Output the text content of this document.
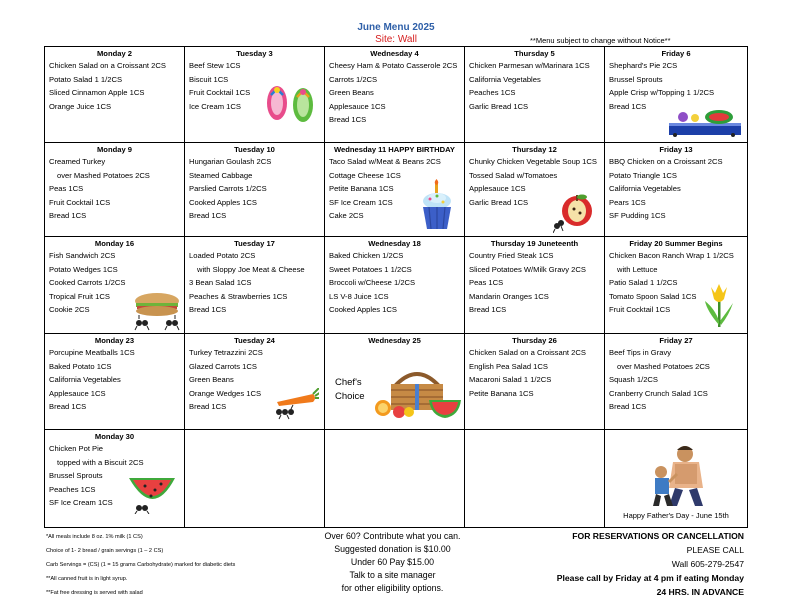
June Menu 2025
Site: Wall	**Menu subject to change without Notice**
Monday 2
Chicken Salad on a Croissant 2CS
Potato Salad 1 1/2CS
Sliced Cinnamon Apple 1CS
Orange Juice 1CS
Tuesday 3
Beef Stew 1CS
Biscuit 1CS
Fruit Cocktail 1CS
Ice Cream 1CS
Wednesday 4
Cheesy Ham & Potato Casserole 2CS
Carrots 1/2CS
Green Beans
Applesauce 1CS
Bread 1CS
Thursday 5
Chicken Parmesan w/Marinara 1CS
California Vegetables
Peaches 1CS
Garlic Bread 1CS
Friday 6
Shephard's Pie 2CS
Brussel Sprouts
Apple Crisp w/Topping 1 1/2CS
Bread 1CS
Monday 9
Creamed Turkey
over Mashed Potatoes 2CS
Peas 1CS
Fruit Cocktail 1CS
Bread 1CS
Tuesday 10
Hungarian Goulash 2CS
Steamed Cabbage
Parslied Carrots 1/2CS
Cooked Apples 1CS
Bread 1CS
Wednesday 11 HAPPY BIRTHDAY
Taco Salad w/Meat & Beans 2CS
Cottage Cheese 1CS
Petite Banana 1CS
SF Ice Cream 1CS
Cake 2CS
Thursday 12
Chunky Chicken Vegetable Soup 1CS
Tossed Salad w/Tomatoes
Applesauce 1CS
Garlic Bread 1CS
Friday 13
BBQ Chicken on a Croissant 2CS
Potato Triangle 1CS
California Vegetables
Pears 1CS
SF Pudding 1CS
Monday 16
Fish Sandwich 2CS
Potato Wedges 1CS
Cooked Carrots 1/2CS
Tropical Fruit 1CS
Cookie 2CS
Tuesday 17
Loaded Potato 2CS
with Sloppy Joe Meat & Cheese
3 Bean Salad 1CS
Peaches & Strawberries 1CS
Bread 1CS
Wednesday 18
Baked Chicken 1/2CS
Sweet Potatoes 1 1/2CS
Broccoli w/Cheese 1/2CS
LS V-8 Juice 1CS
Cooked Apples 1CS
Thursday 19 Juneteenth
Country Fried Steak 1CS
Sliced Potatoes W/Milk Gravy 2CS
Peas 1CS
Mandarin Oranges 1CS
Bread 1CS
Friday 20 Summer Begins
Chicken Bacon Ranch Wrap 1 1/2CS
with Lettuce
Patio Salad 1 1/2CS
Tomato Spoon Salad 1CS
Fruit Cocktail 1CS
Monday 23
Porcupine Meatballs 1CS
Baked Potato 1CS
California Vegetables
Applesauce 1CS
Bread 1CS
Tuesday 24
Turkey Tetrazzini 2CS
Glazed Carrots 1CS
Green Beans
Orange Wedges 1CS
Bread 1CS
Wednesday 25
Chef's
Choice
Thursday 26
Chicken Salad on a Croissant 2CS
English Pea Salad 1CS
Macaroni Salad 1 1/2CS
Petite Banana 1CS
Friday 27
Beef Tips in Gravy
over Mashed Potatoes 2CS
Squash 1/2CS
Cranberry Crunch Salad 1CS
Bread 1CS
Monday 30
Chicken Pot Pie
topped with a Biscuit 2CS
Brussel Sprouts
Peaches 1CS
SF Ice Cream 1CS
Happy Father's Day - June 15th
*All meals include 8 oz. 1% milk (1 CS)
Choice of 1- 2 bread / grain servings (1 – 2 CS)
Carb Servings = (CS) (1 = 15 grams Carbohydrate) marked for diabetic diets
**All canned fruit is in light syrup.
**Fat free dressing is served with salad
Over 60? Contribute what you can.
Suggested donation is $10.00
Under 60 Pay $15.00
Talk to a site manager
for other eligibility options.
FOR RESERVATIONS OR CANCELLATION
PLEASE CALL
Wall 605-279-2547
Please call by Friday at 4 pm if eating Monday
24 HRS. IN ADVANCE
